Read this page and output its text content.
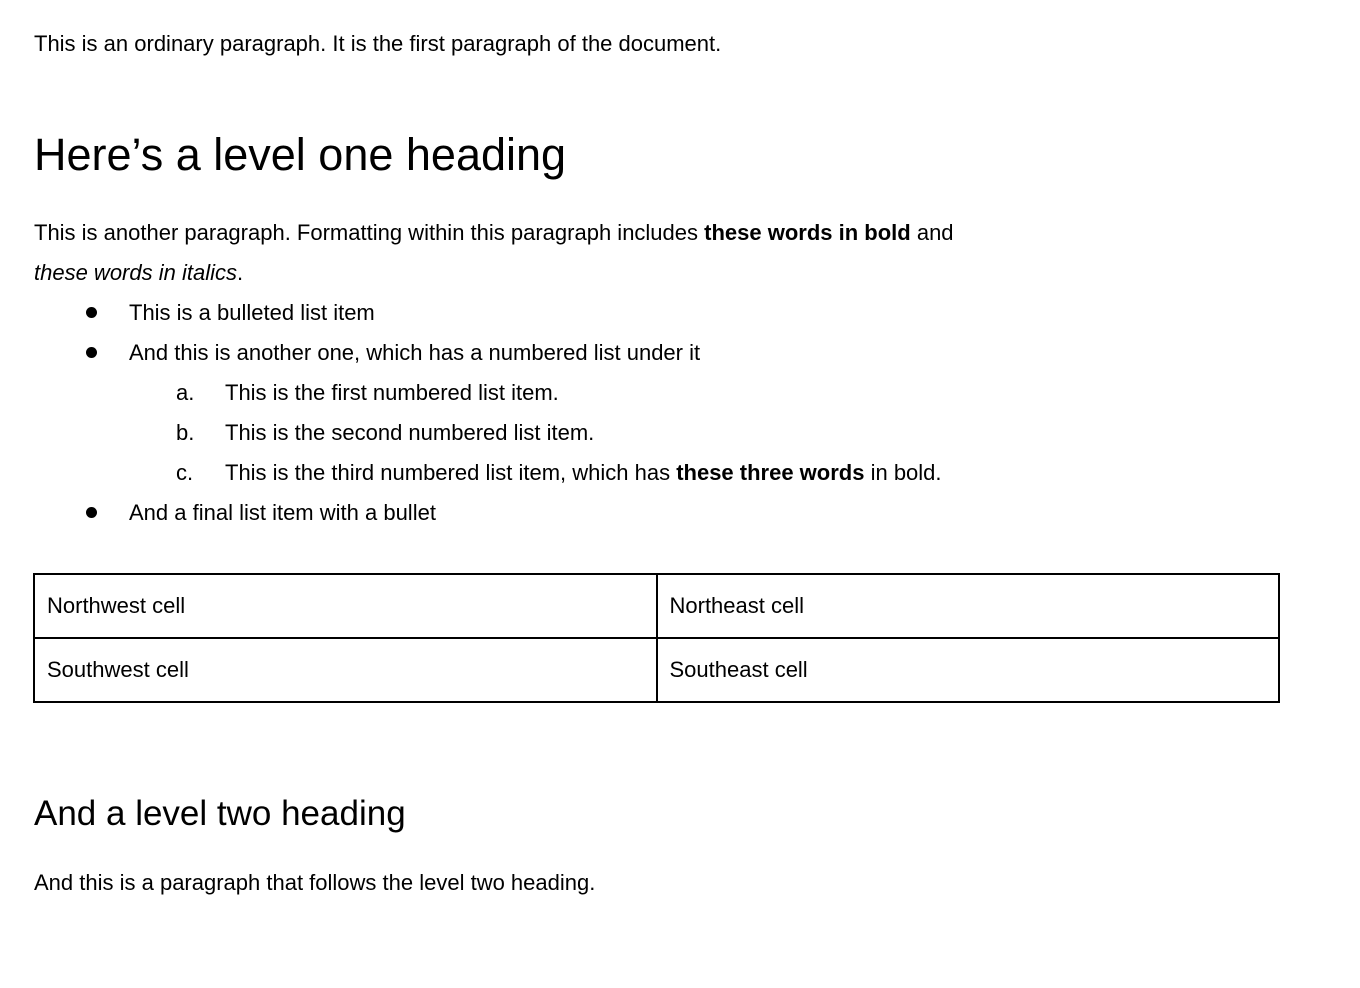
This is an ordinary paragraph. It is the first paragraph of the document.

Here’s a level one heading
This is another paragraph. Formatting within this paragraph includes these words in bold and
these words in italics.
This is a bulleted list item
And this is another one, which has a numbered list under it
a. This is the first numbered list item.
b. This is the second numbered list item.
c. This is the third numbered list item, which has these three words in bold.
And a final list item with a bullet
Northwest cell	Northeast cell
Southwest cell	Southeast cell
And a level two heading

And this is a paragraph that follows the level two heading.
